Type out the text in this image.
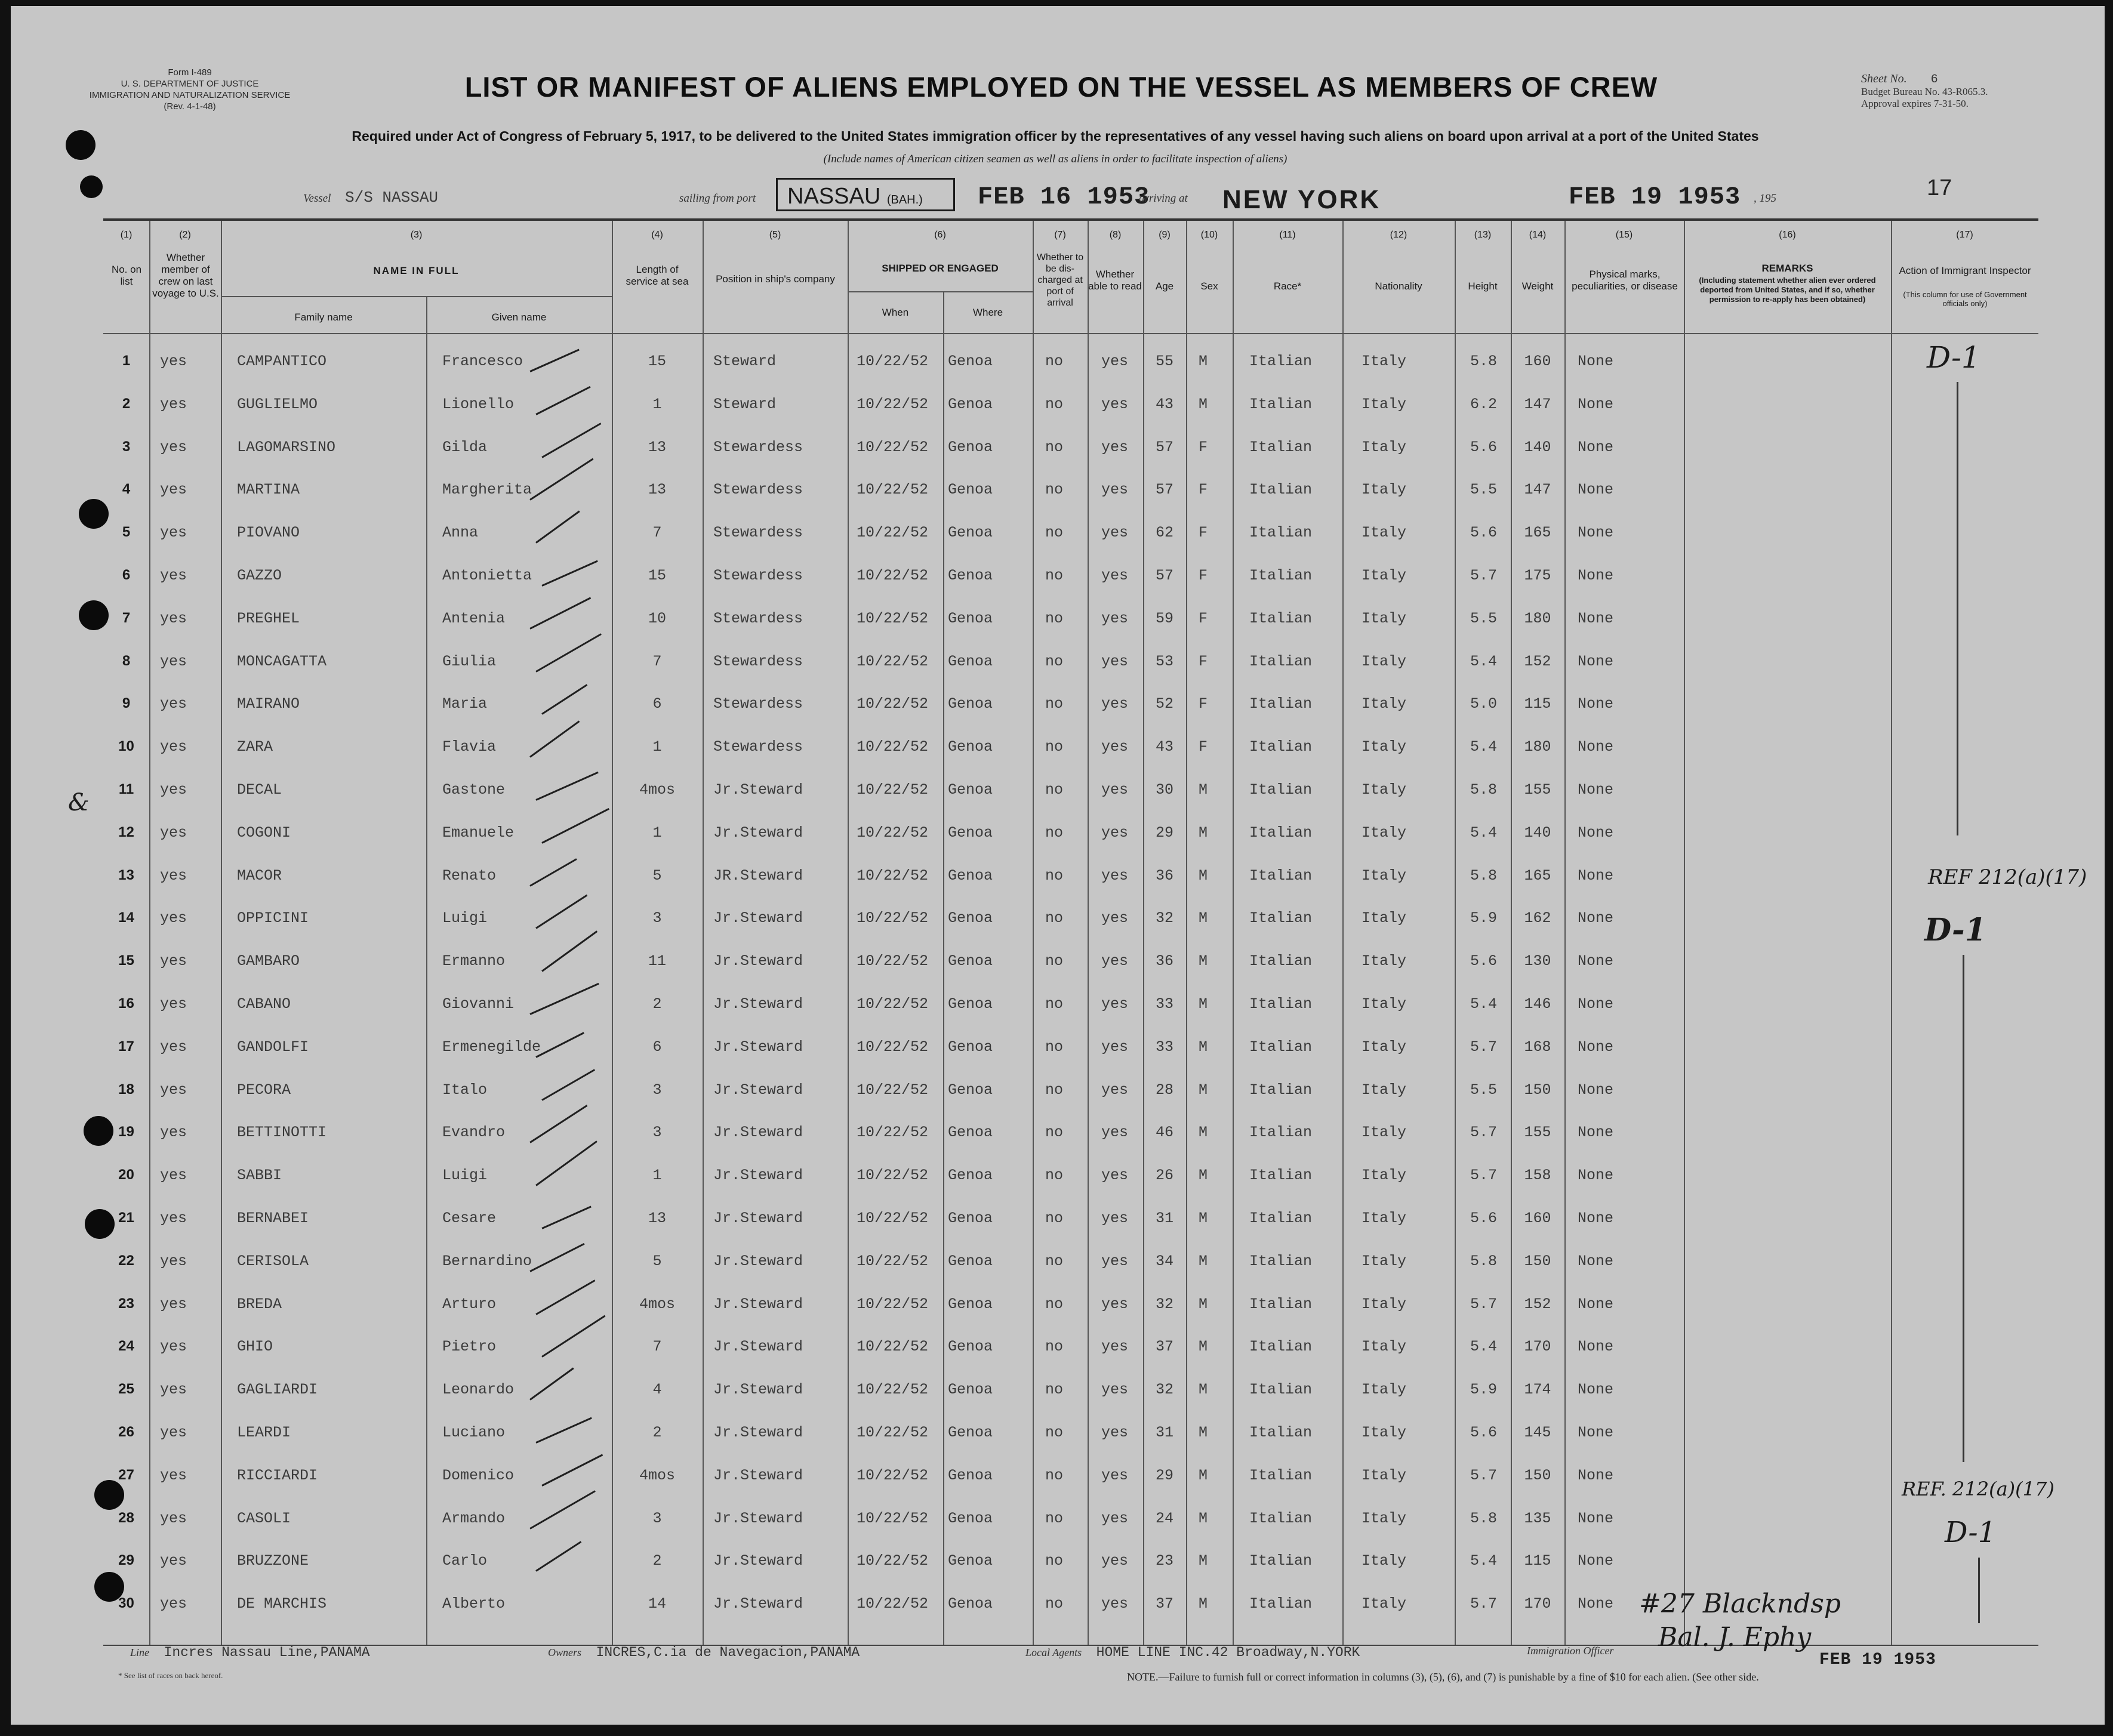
Form I-489
U. S. DEPARTMENT OF JUSTICE
IMMIGRATION AND NATURALIZATION SERVICE
(Rev. 4-1-48)
LIST OR MANIFEST OF ALIENS EMPLOYED ON THE VESSEL AS MEMBERS OF CREW
Required under Act of Congress of February 5, 1917, to be delivered to the United States immigration officer by the representatives of any vessel having such aliens on board upon arrival at a port of the United States
(Include names of American citizen seamen as well as aliens in order to facilitate inspection of aliens)
Sheet No. 6
Budget Bureau No. 43-R065.3.
Approval expires 7-31-50.
17
Vessel S/S NASSAU	sailing from port	NASSAU (BAH.)	FEB 16 1953
arriving at NEW YORK	FEB 19 1953 , 195
(1)	(2)	(3)	(4)	(5)	(6)	(7)	(8)	(9)	(10)	(11)	(12)	(13)	(14)	(15)	(16)	(17)
No. on list
Whether member of crew on last voyage to U.S.
NAME IN FULL
Family name	Given name
Length of service at sea	Position in ship's company
SHIPPED OR ENGAGED
When	Where
Whether to be dis-charged at port of arrival
Whether able to read	Age	Sex	Race*	Nationality	Height	Weight
Physical marks, peculiarities, or disease
REMARKS
(Including statement whether alien ever ordered deported from United States, and if so, whether permission to re-apply has been obtained)
Action of Immigrant Inspector
(This column for use of Government officials only)
1	yes	CAMPANTICO	Francesco	15	Steward	10/22/52	Genoa	no	yes	55	M	Italian	Italy	5.8	160	None
2	yes	GUGLIELMO	Lionello	1	Steward	10/22/52	Genoa	no	yes	43	M	Italian	Italy	6.2	147	None
3	yes	LAGOMARSINO	Gilda	13	Stewardess	10/22/52	Genoa	no	yes	57	F	Italian	Italy	5.6	140	None
4	yes	MARTINA	Margherita	13	Stewardess	10/22/52	Genoa	no	yes	57	F	Italian	Italy	5.5	147	None
5	yes	PIOVANO	Anna	7	Stewardess	10/22/52	Genoa	no	yes	62	F	Italian	Italy	5.6	165	None
6	yes	GAZZO	Antonietta	15	Stewardess	10/22/52	Genoa	no	yes	57	F	Italian	Italy	5.7	175	None
7	yes	PREGHEL	Antenia	10	Stewardess	10/22/52	Genoa	no	yes	59	F	Italian	Italy	5.5	180	None
8	yes	MONCAGATTA	Giulia	7	Stewardess	10/22/52	Genoa	no	yes	53	F	Italian	Italy	5.4	152	None
9	yes	MAIRANO	Maria	6	Stewardess	10/22/52	Genoa	no	yes	52	F	Italian	Italy	5.0	115	None
10	yes	ZARA	Flavia	1	Stewardess	10/22/52	Genoa	no	yes	43	F	Italian	Italy	5.4	180	None
11	yes	DECAL	Gastone	4mos	Jr.Steward	10/22/52	Genoa	no	yes	30	M	Italian	Italy	5.8	155	None
12	yes	COGONI	Emanuele	1	Jr.Steward	10/22/52	Genoa	no	yes	29	M	Italian	Italy	5.4	140	None
13	yes	MACOR	Renato	5	JR.Steward	10/22/52	Genoa	no	yes	36	M	Italian	Italy	5.8	165	None
14	yes	OPPICINI	Luigi	3	Jr.Steward	10/22/52	Genoa	no	yes	32	M	Italian	Italy	5.9	162	None
15	yes	GAMBARO	Ermanno	11	Jr.Steward	10/22/52	Genoa	no	yes	36	M	Italian	Italy	5.6	130	None
16	yes	CABANO	Giovanni	2	Jr.Steward	10/22/52	Genoa	no	yes	33	M	Italian	Italy	5.4	146	None
17	yes	GANDOLFI	Ermenegilde	6	Jr.Steward	10/22/52	Genoa	no	yes	33	M	Italian	Italy	5.7	168	None
18	yes	PECORA	Italo	3	Jr.Steward	10/22/52	Genoa	no	yes	28	M	Italian	Italy	5.5	150	None
19	yes	BETTINOTTI	Evandro	3	Jr.Steward	10/22/52	Genoa	no	yes	46	M	Italian	Italy	5.7	155	None
20	yes	SABBI	Luigi	1	Jr.Steward	10/22/52	Genoa	no	yes	26	M	Italian	Italy	5.7	158	None
21	yes	BERNABEI	Cesare	13	Jr.Steward	10/22/52	Genoa	no	yes	31	M	Italian	Italy	5.6	160	None
22	yes	CERISOLA	Bernardino	5	Jr.Steward	10/22/52	Genoa	no	yes	34	M	Italian	Italy	5.8	150	None
23	yes	BREDA	Arturo	4mos	Jr.Steward	10/22/52	Genoa	no	yes	32	M	Italian	Italy	5.7	152	None
24	yes	GHIO	Pietro	7	Jr.Steward	10/22/52	Genoa	no	yes	37	M	Italian	Italy	5.4	170	None
25	yes	GAGLIARDI	Leonardo	4	Jr.Steward	10/22/52	Genoa	no	yes	32	M	Italian	Italy	5.9	174	None
26	yes	LEARDI	Luciano	2	Jr.Steward	10/22/52	Genoa	no	yes	31	M	Italian	Italy	5.6	145	None
27	yes	RICCIARDI	Domenico	4mos	Jr.Steward	10/22/52	Genoa	no	yes	29	M	Italian	Italy	5.7	150	None
28	yes	CASOLI	Armando	3	Jr.Steward	10/22/52	Genoa	no	yes	24	M	Italian	Italy	5.8	135	None
29	yes	BRUZZONE	Carlo	2	Jr.Steward	10/22/52	Genoa	no	yes	23	M	Italian	Italy	5.4	115	None
30	yes	DE MARCHIS	Alberto	14	Jr.Steward	10/22/52	Genoa	no	yes	37	M	Italian	Italy	5.7	170	None
D-1
REF 212(a)(17)
D-1
REF. 212(a)(17)
D-1
#27 Blackndsp
Bal. J. Ephy
&
Line Incres Nassau Line,PANAMA	Owners INCRES,C.ia de Navegacion,PANAMA	Local Agents HOME LINE INC.42 Broadway,N.YORK	Immigration Officer	FEB 19 1953
* See list of races on back hereof.	NOTE.—Failure to furnish full or correct information in columns (3), (5), (6), and (7) is punishable by a fine of $10 for each alien. (See other side.
